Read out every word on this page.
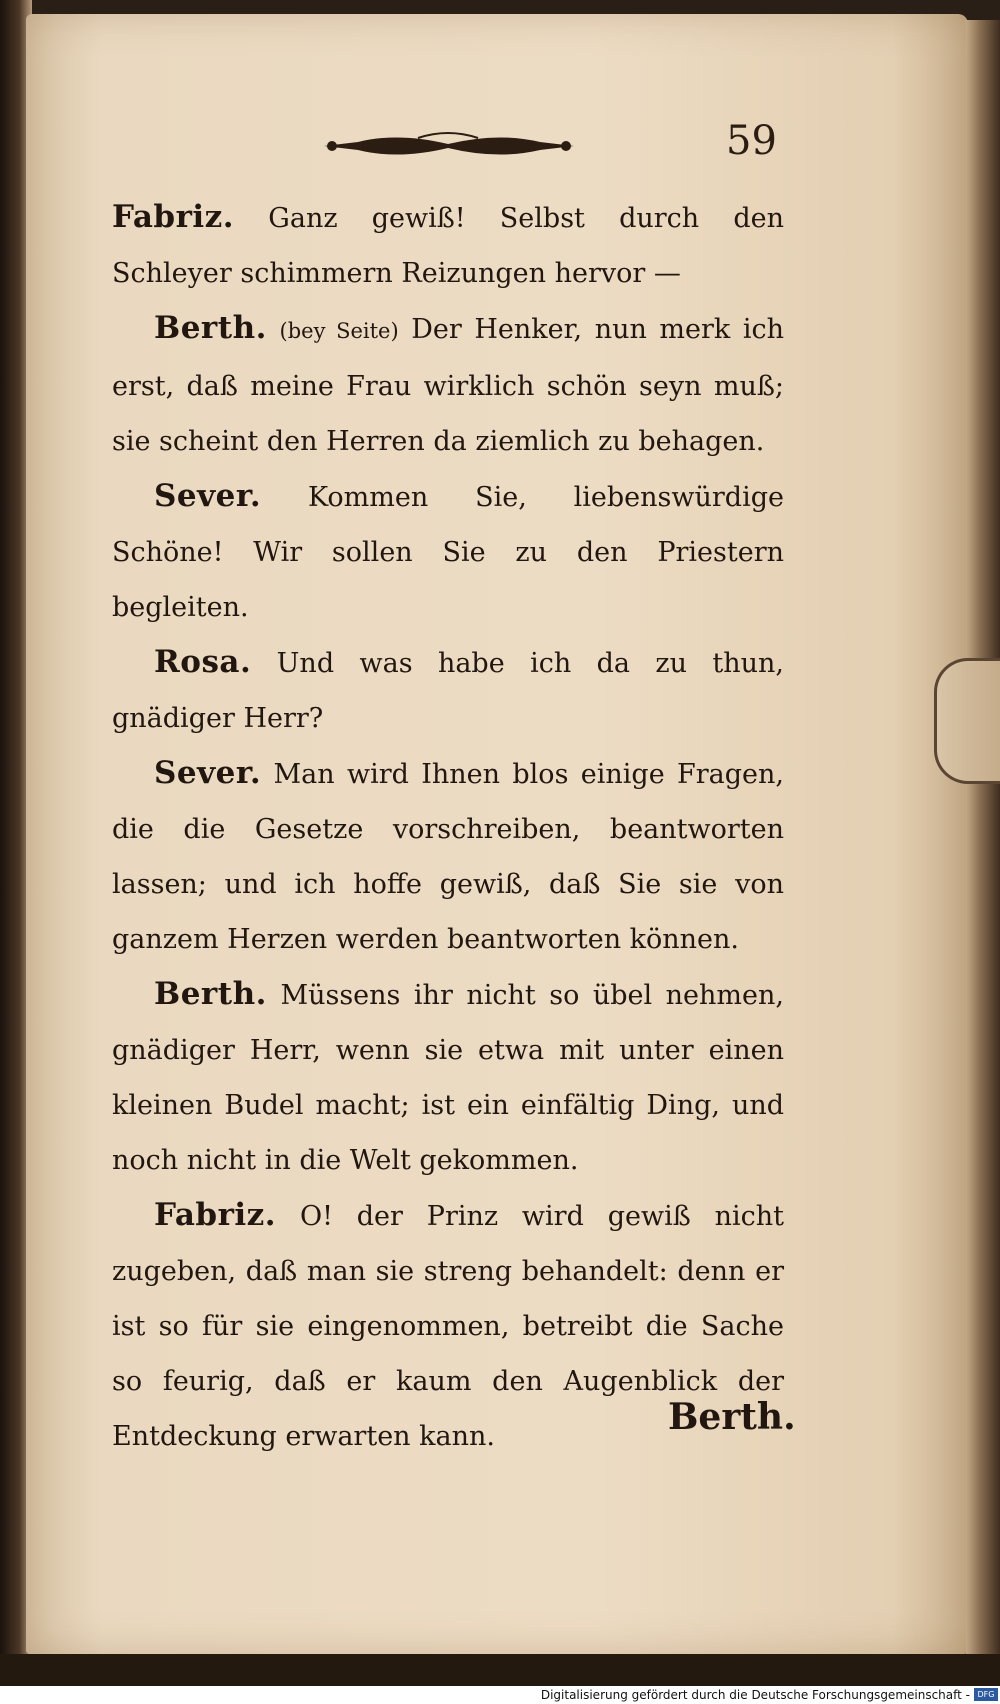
59

Fabriz. Ganz gewiß! Selbst durch den Schleyer schimmern Reizungen hervor —

Berth. (bey Seite) Der Henker, nun merk ich erst, daß meine Frau wirklich schön seyn muß; sie scheint den Herren da ziemlich zu behagen.

Sever. Kommen Sie, liebenswürdige Schöne! Wir sollen Sie zu den Priestern begleiten.

Rosa. Und was habe ich da zu thun, gnädiger Herr?

Sever. Man wird Ihnen blos einige Fragen, die die Gesetze vorschreiben, beantworten lassen; und ich hoffe gewiß, daß Sie sie von ganzem Herzen werden beantworten können.

Berth. Müssens ihr nicht so übel nehmen, gnädiger Herr, wenn sie etwa mit unter einen kleinen Budel macht; ist ein einfältig Ding, und noch nicht in die Welt gekommen.

Fabriz. O! der Prinz wird gewiß nicht zugeben, daß man sie streng behandelt: denn er ist so für sie eingenommen, betreibt die Sache so feurig, daß er kaum den Augenblick der Entdeckung erwarten kann.	Berth.
Digitalisierung gefördert durch die Deutsche Forschungsgemeinschaft - DFG
